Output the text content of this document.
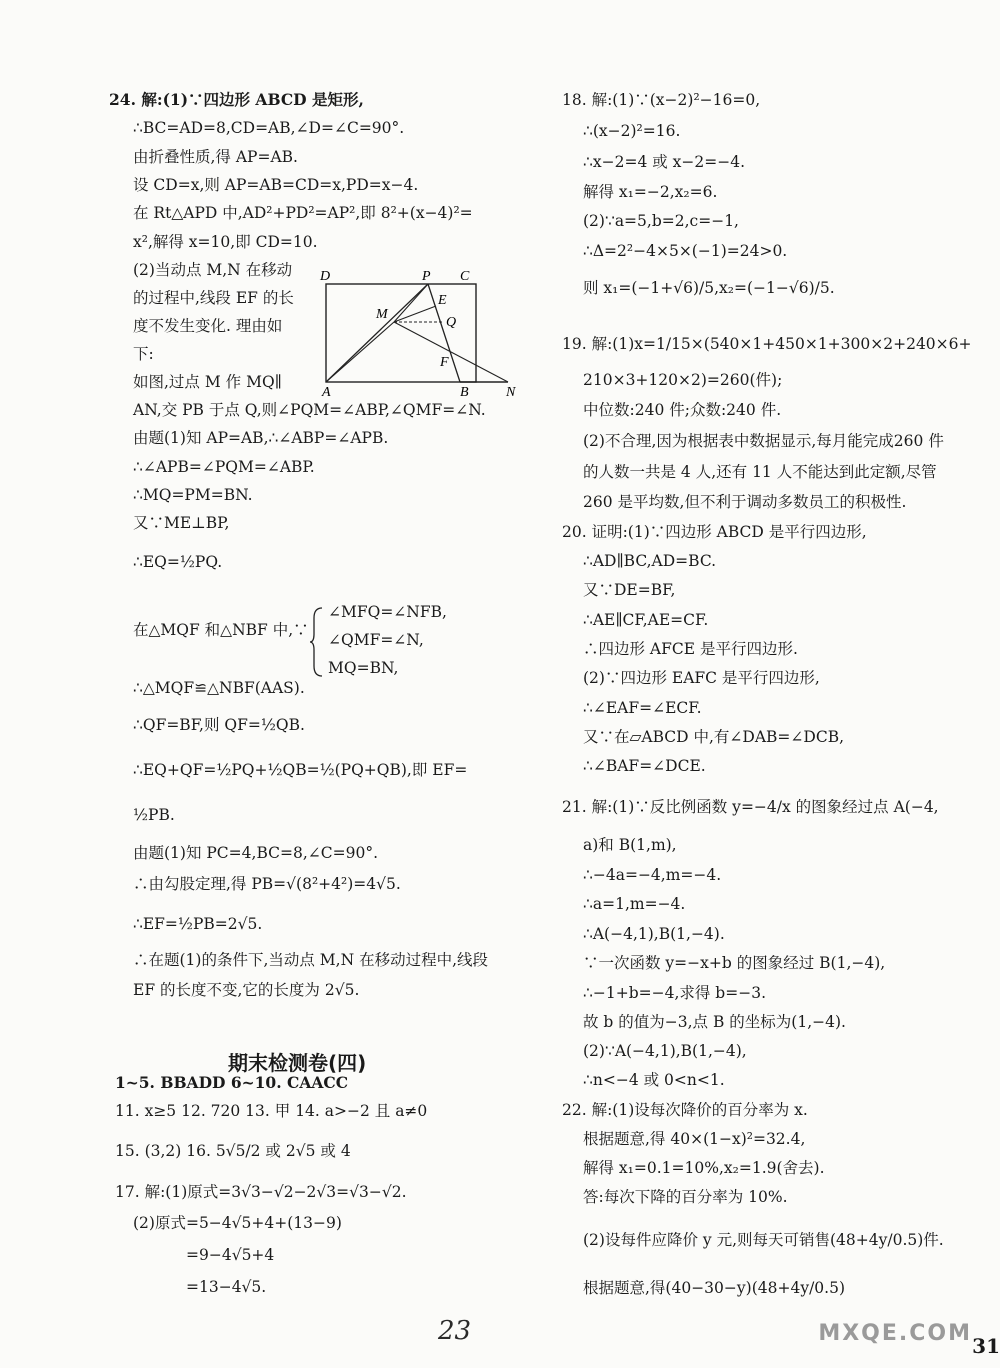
24. 解:(1)∵四边形 ABCD 是矩形,
∴BC=AD=8,CD=AB,∠D=∠C=90°.
由折叠性质,得 AP=AB.
设 CD=x,则 AP=AB=CD=x,PD=x−4.
在 Rt△APD 中,AD²+PD²=AP²,即 8²+(x−4)²=
x²,解得 x=10,即 CD=10.
(2)当动点 M,N 在移动
的过程中,线段 EF 的长
度不发生变化. 理由如
下:
如图,过点 M 作 MQ∥
AN,交 PB 于点 Q,则∠PQM=∠ABP,∠QMF=∠N.
由题(1)知 AP=AB,∴∠ABP=∠APB.
∴∠APB=∠PQM=∠ABP.
∴MQ=PM=BN.
又∵ME⊥BP,
∴EQ=½PQ.
在△MQF 和△NBF 中,∵
∴△MQF≌△NBF(AAS).
∴QF=BF,则 QF=½QB.
∴EQ+QF=½PQ+½QB=½(PQ+QB),即 EF=
½PB.
由题(1)知 PC=4,BC=8,∠C=90°.
∴由勾股定理,得 PB=√(8²+4²)=4√5.
∴EF=½PB=2√5.
∴在题(1)的条件下,当动点 M,N 在移动过程中,线段
EF 的长度不变,它的长度为 2√5.
1~5. BBADD 6~10. CAACC
11. x≥5 12. 720 13. 甲 14. a>−2 且 a≠0
15. (3,2) 16. 5√5/2 或 2√5 或 4
17. 解:(1)原式=3√3−√2−2√3=√3−√2.
(2)原式=5−4√5+4+(13−9)
=9−4√5+4
=13−4√5.
18. 解:(1)∵(x−2)²−16=0,
∴(x−2)²=16.
∴x−2=4 或 x−2=−4.
解得 x₁=−2,x₂=6.
(2)∵a=5,b=2,c=−1,
∴Δ=2²−4×5×(−1)=24>0.
则 x₁=(−1+√6)/5,x₂=(−1−√6)/5.
19. 解:(1)x=1/15×(540×1+450×1+300×2+240×6+
210×3+120×2)=260(件);
中位数:240 件;众数:240 件.
(2)不合理,因为根据表中数据显示,每月能完成260 件
的人数一共是 4 人,还有 11 人不能达到此定额,尽管
260 是平均数,但不利于调动多数员工的积极性.
20. 证明:(1)∵四边形 ABCD 是平行四边形,
∴AD∥BC,AD=BC.
又∵DE=BF,
∴AE∥CF,AE=CF.
∴四边形 AFCE 是平行四边形.
(2)∵四边形 EAFC 是平行四边形,
∴∠EAF=∠ECF.
又∵在▱ABCD 中,有∠DAB=∠DCB,
∴∠BAF=∠DCE.
21. 解:(1)∵反比例函数 y=−4/x 的图象经过点 A(−4,
a)和 B(1,m),
∴−4a=−4,m=−4.
∴a=1,m=−4.
∴A(−4,1),B(1,−4).
∵一次函数 y=−x+b 的图象经过 B(1,−4),
∴−1+b=−4,求得 b=−3.
故 b 的值为−3,点 B 的坐标为(1,−4).
(2)∵A(−4,1),B(1,−4),
∴n<−4 或 0<n<1.
22. 解:(1)设每次降价的百分率为 x.
根据题意,得 40×(1−x)²=32.4,
解得 x₁=0.1=10%,x₂=1.9(舍去).
答:每次下降的百分率为 10%.
(2)设每件应降价 y 元,则每天可销售(48+4y/0.5)件.
根据题意,得(40−30−y)(48+4y/0.5)
∠MFQ=∠NFB,
∠QMF=∠N,
MQ=BN,
期末检测卷(四)
D	P C
E
M
Q
F
A	B	N
23	MXQE.COM 31
